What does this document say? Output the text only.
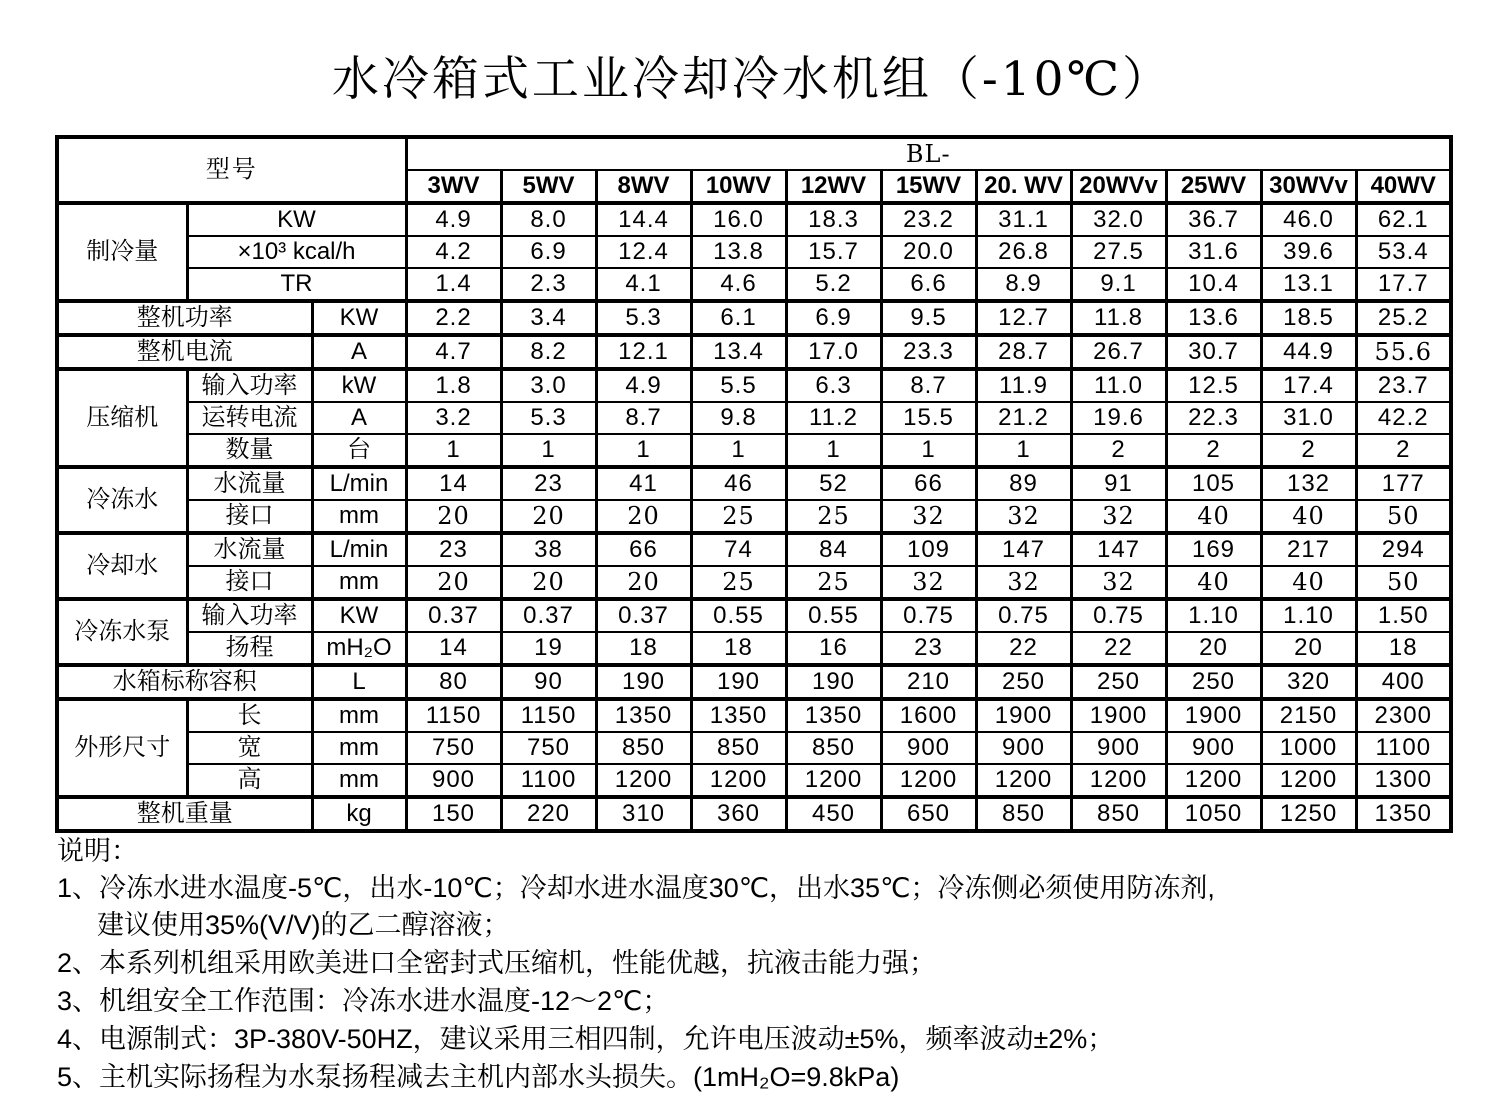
水冷箱式工业冷却冷水机组（-10℃）
型号			BL-										
			3WV	5WV	8WV	10WV	12WV	15WV	20. WV	20WVv	25WV	30WVv	40WV
制冷量	KW		4.9	8.0	14.4	16.0	18.3	23.2	31.1	32.0	36.7	46.0	62.1
	×10³ kcal/h		4.2	6.9	12.4	13.8	15.7	20.0	26.8	27.5	31.6	39.6	53.4
	TR		1.4	2.3	4.1	4.6	5.2	6.6	8.9	9.1	10.4	13.1	17.7
整机功率		KW	2.2	3.4	5.3	6.1	6.9	9.5	12.7	11.8	13.6	18.5	25.2
整机电流		A	4.7	8.2	12.1	13.4	17.0	23.3	28.7	26.7	30.7	44.9	55.6
压缩机	输入功率	kW	1.8	3.0	4.9	5.5	6.3	8.7	11.9	11.0	12.5	17.4	23.7
	运转电流	A	3.2	5.3	8.7	9.8	11.2	15.5	21.2	19.6	22.3	31.0	42.2
	数量	台	1	1	1	1	1	1	1	2	2	2	2
冷冻水	水流量	L/min	14	23	41	46	52	66	89	91	105	132	177
	接口	mm	20	20	20	25	25	32	32	32	40	40	50
冷却水	水流量	L/min	23	38	66	74	84	109	147	147	169	217	294
	接口	mm	20	20	20	25	25	32	32	32	40	40	50
冷冻水泵	输入功率	KW	0.37	0.37	0.37	0.55	0.55	0.75	0.75	0.75	1.10	1.10	1.50
	扬程	mH₂O	14	19	18	18	16	23	22	22	20	20	18
水箱标称容积		L	80	90	190	190	190	210	250	250	250	320	400
外形尺寸	长	mm	1150	1150	1350	1350	1350	1600	1900	1900	1900	2150	2300
	宽	mm	750	750	850	850	850	900	900	900	900	1000	1100
	高	mm	900	1100	1200	1200	1200	1200	1200	1200	1200	1200	1300
整机重量		kg	150	220	310	360	450	650	850	850	1050	1250	1350
说明：
1、冷冻水进水温度-5℃，出水-10℃；冷却水进水温度30℃，出水35℃；冷冻侧必须使用防冻剂,
建议使用35%(V/V)的乙二醇溶液；
2、本系列机组采用欧美进口全密封式压缩机，性能优越，抗液击能力强；
3、机组安全工作范围：冷冻水进水温度-12～2℃；
4、电源制式：3P-380V-50HZ，建议采用三相四制，允许电压波动±5%，频率波动±2%；
5、主机实际扬程为水泵扬程减去主机内部水头损失。(1mH₂O=9.8kPa)
